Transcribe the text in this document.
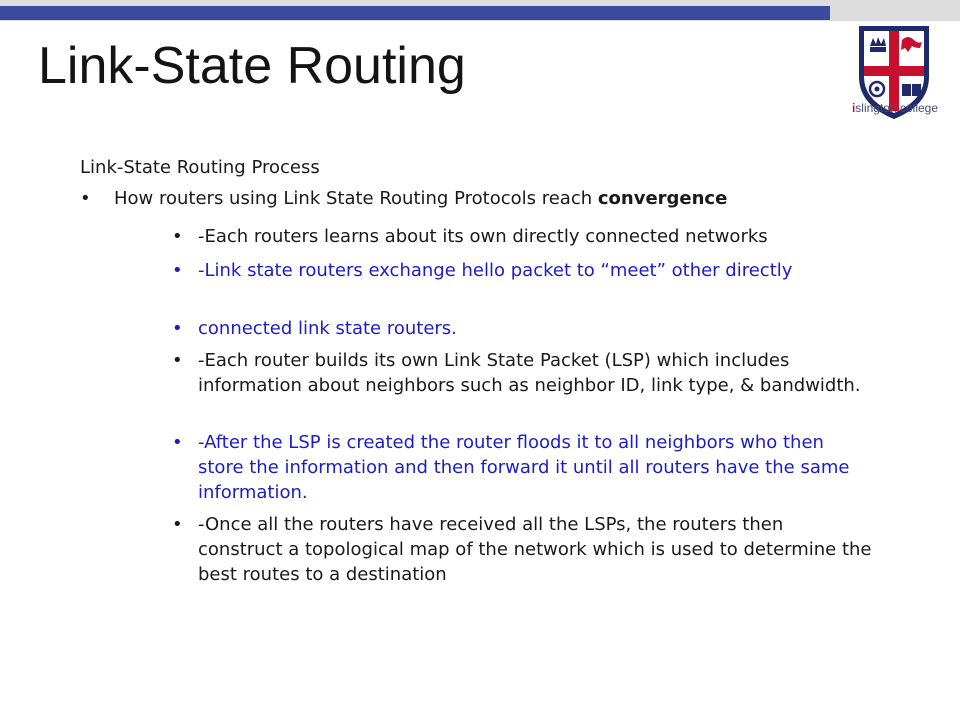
Link-State Routing
islington college

Link-State Routing Process

• How routers using Link State Routing Protocols reach convergence
• -Each routers learns about its own directly connected networks
• -Link state routers exchange hello packet to “meet” other directly
• connected link state routers.
• -Each router builds its own Link State Packet (LSP) which includes information about neighbors such as neighbor ID, link type, & bandwidth.
• -After the LSP is created the router floods it to all neighbors who then store the information and then forward it until all routers have the same information.
• -Once all the routers have received all the LSPs, the routers then construct a topological map of the network which is used to determine the best routes to a destination
